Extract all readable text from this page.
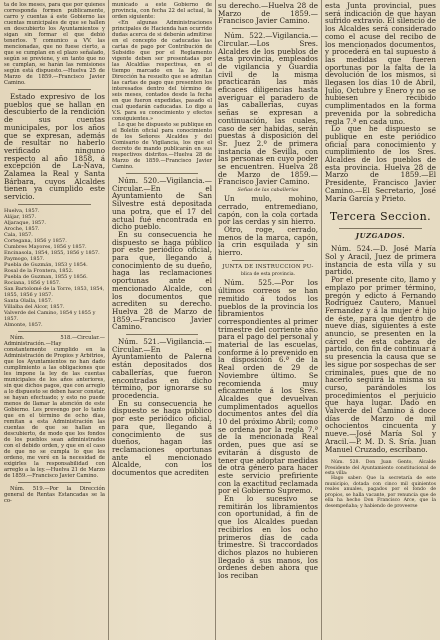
ta de los meses, para que por quienes corresponda formen publicamente, carro y cuentas á este Gobierno las cuentas municipales de que se hallen en descubierto los Ayuntamientos y sigan sin formar el que debió tenerlos. Y comunico a VV. las mencionadas, que no fuese cierto, a que se cumplan en el plazo señalado, según se previene, y en tanto que no se cumplan, se harán las remisiones según está dispuesto.—Huelva 25 de Marzo de 1859.—Francisco Javier Camino.

Estado expresivo de los pueblos que se hallan en descubierto de la rendición de sus cuentas municipales, por los años que se expresan, además de resultar no haberlo verificado ninguno respecto al año 1858, á excepción de La-Nava, Zalamea la Real y Santa Bárbara, cuyos Alcaldes tienen ya cumplido este servicio.

Huelva, 1857.
Alájar, 1857.
Aljaraque, 1857.
Aroche, 1857.
Cala, 1857.
Cortegana, 1856 y 1857.
Cumbres Mayores, 1856 y 1857.
Encinasola, 1854, 1855, 1856 y 1857.
Paymogo, 1857.
Puebla de Guzmán, 1853 y 1854.
Rosal de la Frontera, 1852.
Puebla de Guzman, 1855 y 1856.
Rociana, 1856 y 1857.
San Bartolomé de la Torre, 1853, 1854, 1855, 1856 y 1857.
Santa Olalla, 1857.
Villalba del Alcor, 1857.
Valverde del Camino, 1854 y 1855 y 1857.
Almonte, 1857.

Núm. 518.—Circular.—Administración.—Hay constantemente cumplido en la Administración de Propios y Arbitrios, que los Ayuntamientos no han dado cumplimiento a las obligaciones que les impone la ley de las cuentas municipales de los años anteriores, sin que dichos pagos, que con arreglo a lo dispuesto se deben hacer constar, se hayan efectuado; y esto no puede menos de llamar la atención de este Gobierno. Les prevengo por lo tanto que en el término de ocho días, remitan a esta Administración las cuentas de que se hallan en descubierto, de modo que los fondos de los pueblos sean administrados con el debido orden, y que en el caso de que no se cumpla lo que les ordeno, me veré en la necesidad de exigirles la responsabilidad con arreglo a la ley.—Huelva 21 de Marzo de 1859.—Francisco Javier Camino.

Núm. 519.—Por la Dirección general de Rentas Estancadas se la co-

municado a este Gobierno de provincia, con fecha 22 del actual, la orden siguiente:

«En algunas Administraciones principales de Hacienda han ocurrido dudas acerca de si deberán admitirse en el concepto de caducadas las cartas de pago por Contribución de Subsidio que por el Reglamento vigente deben ser presentadas por las Alcaldías respectivas, en el tiempo marcado en la ley. La Dirección ha resuelto que se admitan las cartas de pago que presenten los interesados dentro del término de seis meses, contados desde la fecha en que fueron expedidas, pasado el cual quedarán caducadas. Lo digo a V.S. para su conocimiento y efectos consiguientes.»

Lo que he dispuesto se publique en el Boletín oficial para conocimiento de los Señores Alcaldes y del Comisario de Vigilancia, los que el decreto de mando publicarán en sus respectivos distritos.—Huelva 28 de Marzo de 1859.—Francisco Javier Camino.

Núm. 520.—Vigilancia.—Circular.—En el Ayuntamiento de San Silvestre está depositada una potra, que el 17 del actual fué encontrada en dicho pueblo.

En su consecuencia he dispuesto se haga público por este periódico oficial, para que, llegando á conocimiento de su dueño, haga las reclamaciones oportunas ante el mencionado Alcalde, con los documentos que acrediten su derecho. Huelva 28 de Marzo de 1859.—Francisco Javier Camino.

Núm. 521.—Vigilancia.—Circular.—En el Ayuntamiento de Palerna están depositados dos caballerías, que fueron encontradas en dicho término, por ignorarse su procedencia.

En su consecuencia he dispuesto se haga público por este periódico oficial, para que, llegando á conocimiento de sus dueños, hagan las reclamaciones oportunas ante el mencionado Alcalde, con los documentos que acrediten

su derecho.—Huelva 28 de Marzo de 1859.—Francisco Javier Camino.

Núm. 522.—Vigilancia.—Circular.—Los Sres. Alcaldes de los pueblos de esta provincia, empleados de vigilancia y Guardia civil de la misma practicarán las más eficaces diligencias hasta averiguar el paradero de las caballerías, cuyas señas se expresan a continuación, las cuales, caso de ser habidas, serán puestas á disposición del Sr. Juez 2.º de primera instancia de Sevilla, con las personas en cuyo poder se encuentren. Huelva 28 de Marzo de 1859.—Francisco Javier Camino.

Señas de las caballerías

Un mulo, mohino, cerrado, entremediano, capón, con la cola cortada por las cerdas y sin hierro.

Otro, roge, cerrado, menos de la marca, capón, la crin esquilada y sin hierro.

JUNTA DE INSTRUCCION PU-
blica de esta provincia.

Núm. 525.—Por los últimos correos se han remitido á todos los pueblos de la provincia los libramientos correspondientes al primer trimestre del corriente año para el pago del personal y material de las escuelas, conforme á lo prevenido en la disposición 6.ª de la Real orden de 29 de Noviembre último. Se recomienda muy eficazmente á los Sres. Alcaldes que devuelvan cumplimentados aquellos documentos antes del día 10 del próximo Abril; como se ordena por la regla 7.ª de la mencionada Real orden, pues que así se evitarán á disgusto de tener que adoptar medidas de otra género para hacer este servicio prefiriente con la exactitud reclamada por el Gobierno Supremo.

En lo sucesivo se remitirán los libramientos con oportunidad, á fin de que los Alcaldes puedan recibirlos en los ocho primeros días de cada trimestre. Si traccordados dichos plazos no hubieren llegado á sus manos, los ordenes deben ahora que los reciban

esta Junta provincial, pues será indicación de que hayan sufrido extravío. El silencio de los Alcaldes será considerado como el acuse del recibo de los mencionados documentos, y procederá en tal supuesto á las medidas que fueren oportunas por la falta de la devolución de los mismos, si llegasen los días 10 de Abril, Julio, Octubre y Enero y no se hubiesen recibido cumplimentados en la forma prevenida por la sobredicha regla 7.ª en cada uno.

Lo que he dispuesto se publique en este periódico oficial para conocimiento y cumplimiento de los Sres. Alcaldes de los pueblos de esta provincia. Huelva 28 de Marzo de 1859.—El Presidente, Francisco Javier Camino.—El Secretario, José María García y Prieto.

Tercera Seccion.
JUZGADOS.

Núm. 524.—D. José María Sol y Aracil, Juez de primera instancia de esta villa y su partido.

Por el presente cito, llamo y emplazo por primer término, pregón y edicto á Fernando Rodríguez Cautero, Manuel Fernandez y á la mujer é hijo de éste, para que dentro de nueve días, siguientes á este anuncio, se presenten en la cárcel de esta cabeza de partido, con fin de continuar á su presencia la causa que se les sigue por sospechas de ser criminales, pues que de no hacerlo seguirá la misma su curso, parándoles los procedimientos el perjuicio que haya lugar. Dado en Valverde del Camino á doce días de Marzo de mil ochocientos cincuenta y nueve.—José María Sol y Aracil.—P. M. D. S. Sría. Juan Manuel Cruzado, escribano.

Núm. 528. Don Juan Gento, Alcalde Presidente del Ayuntamiento constitucional de esta villa:

Hago saber: Que la secretaría de este municipio, dotada con cinco mil quinientos reales anuales, pagados por el fondo de propios, se halla vacante, por renuncia que de ella ha hecho Don Francisco Arce, que la desempeñaba; y habiendo de proveerse
